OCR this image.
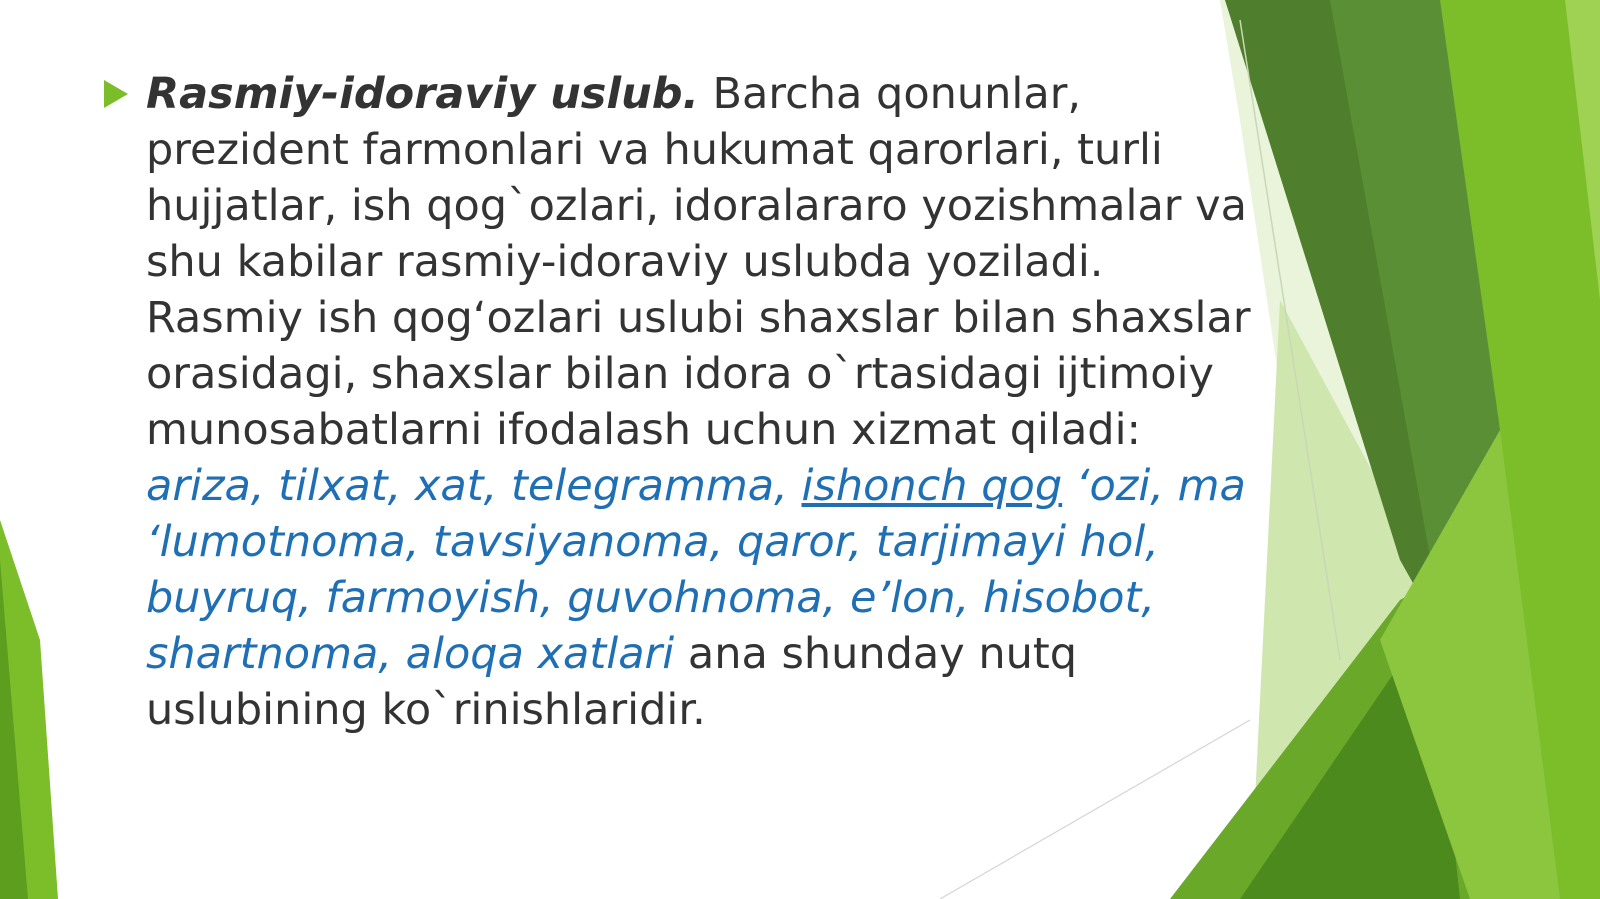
Rasmiy-idoraviy uslub. Barcha qonunlar, prezident farmonlari va hukumat qarorlari, turli hujjatlar, ish qog`ozlari, idoralararo yozishmalar va shu kabilar rasmiy-idoraviy uslubda yoziladi. Rasmiy ish qog‘ozlari uslubi shaxslar bilan shaxslar orasidagi, shaxslar bilan idora o`rtasidagi ijtimoiy munosabatlarni ifodalash uchun xizmat qiladi: ariza, tilxat, xat, telegramma, ishonch qog ‘ozi, ma ‘lumotnoma, tavsiyanoma, qaror, tarjimayi hol, buyruq, farmoyish, guvohnoma, e’lon, hisobot, shartnoma, aloqa xatlari ana shunday nutq uslubining ko`rinishlaridir.
